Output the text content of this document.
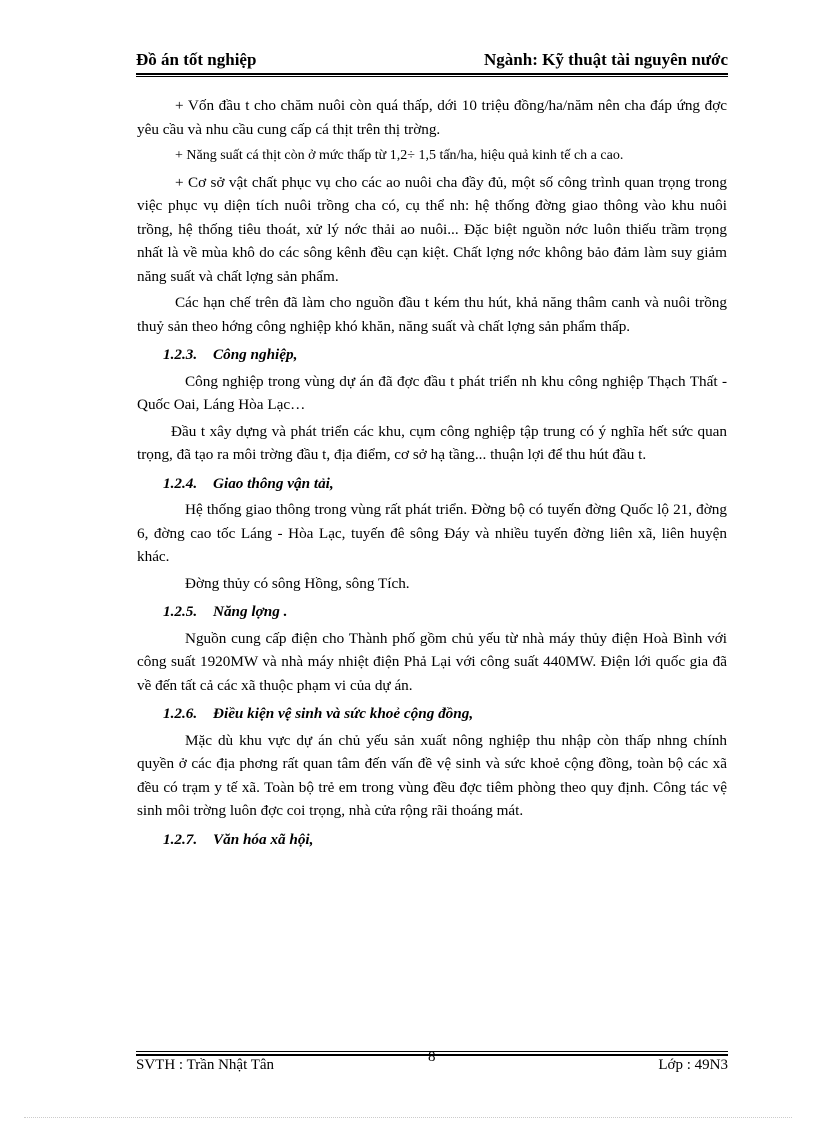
Đồ án tốt nghiệp	Ngành: Kỹ thuật tài nguyên nước

+ Vốn đầu t cho chăm nuôi còn quá thấp, dới 10 triệu đồng/ha/năm nên cha đáp ứng đợc yêu cầu và nhu cầu cung cấp cá thịt trên thị trờng.

+ Năng suất cá thịt còn ở mức thấp từ 1,2÷ 1,5 tấn/ha, hiệu quả kinh tế ch a cao.

+ Cơ sở vật chất phục vụ cho các ao nuôi cha đầy đủ, một số công trình quan trọng trong việc phục vụ diện tích nuôi trồng cha có, cụ thể nh: hệ thống đờng giao thông vào khu nuôi trồng, hệ thống tiêu thoát, xử lý nớc thải ao nuôi... Đặc biệt nguồn nớc luôn thiếu trầm trọng nhất là về mùa khô do các sông kênh đều cạn kiệt. Chất lợng nớc không bảo đảm làm suy giảm năng suất và chất lợng sản phẩm.

Các hạn chế trên đã làm cho nguồn đầu t kém thu hút, khả năng thâm canh và nuôi trồng thuỷ sản theo hớng công nghiệp khó khăn, năng suất và chất lợng sản phẩm thấp.

1.2.3. Công nghiệp,

Công nghiệp trong vùng dự án đã đợc đầu t phát triển nh khu công nghiệp Thạch Thất - Quốc Oai, Láng Hòa Lạc…

Đầu t xây dựng và phát triển các khu, cụm công nghiệp tập trung có ý nghĩa hết sức quan trọng, đã tạo ra môi trờng đầu t, địa điểm, cơ sở hạ tầng... thuận lợi để thu hút đầu t.

1.2.4. Giao thông vận tải,

Hệ thống giao thông trong vùng rất phát triển. Đờng bộ có tuyến đờng Quốc lộ 21, đờng 6, đờng cao tốc Láng - Hòa Lạc, tuyến đê sông Đáy và nhiều tuyến đờng liên xã, liên huyện khác.

Đờng thủy có sông Hồng, sông Tích.

1.2.5. Năng lợng .

Nguồn cung cấp điện cho Thành phố gồm chủ yếu từ nhà máy thủy điện Hoà Bình với công suất 1920MW và nhà máy nhiệt điện Phả Lại với công suất 440MW. Điện lới quốc gia đã về đến tất cả các xã thuộc phạm vi của dự án.

1.2.6. Điều kiện vệ sinh và sức khoẻ cộng đồng,

Mặc dù khu vực dự án chủ yếu sản xuất nông nghiệp thu nhập còn thấp nhng chính quyền ở các địa phơng rất quan tâm đến vấn đề vệ sinh và sức khoẻ cộng đồng, toàn bộ các xã đều có trạm y tế xã. Toàn bộ trẻ em trong vùng đều đợc tiêm phòng theo quy định. Công tác vệ sinh môi trờng luôn đợc coi trọng, nhà cửa rộng rãi thoáng mát.

1.2.7. Văn hóa xã hội,

SVTH : Trần Nhật Tân	8	Lớp : 49N3
